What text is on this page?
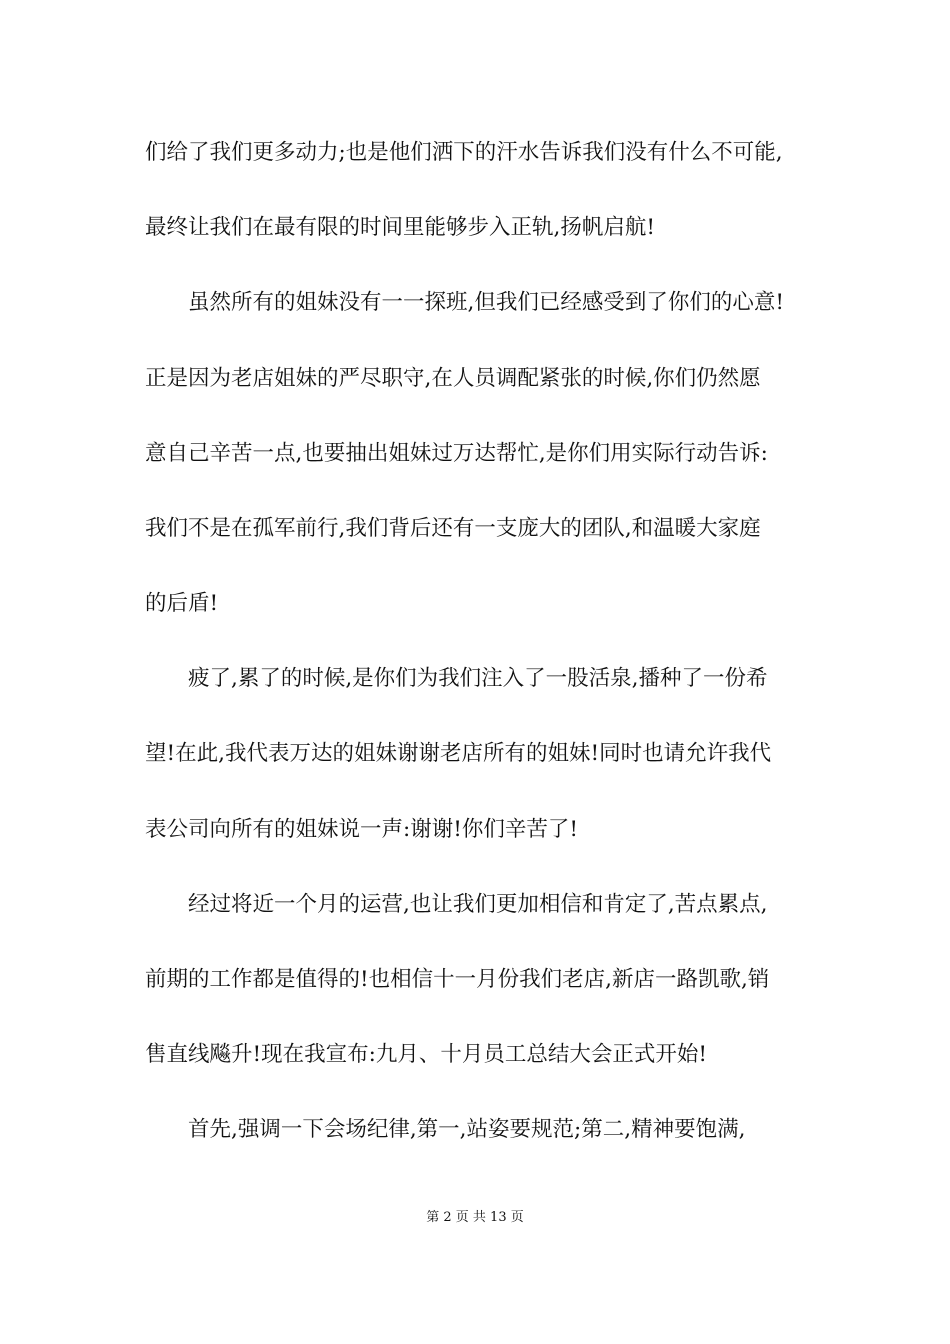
们给了我们更多动力;也是他们洒下的汗水告诉我们没有什么不可能,
最终让我们在最有限的时间里能够步入正轨,扬帆启航!
虽然所有的姐妹没有一一探班,但我们已经感受到了你们的心意!
正是因为老店姐妹的严尽职守,在人员调配紧张的时候,你们仍然愿
意自己辛苦一点,也要抽出姐妹过万达帮忙,是你们用实际行动告诉:
我们不是在孤军前行,我们背后还有一支庞大的团队,和温暖大家庭
的后盾!
疲了,累了的时候,是你们为我们注入了一股活泉,播种了一份希
望!在此,我代表万达的姐妹谢谢老店所有的姐妹!同时也请允许我代
表公司向所有的姐妹说一声:谢谢!你们辛苦了!
经过将近一个月的运营,也让我们更加相信和肯定了,苦点累点,
前期的工作都是值得的!也相信十一月份我们老店,新店一路凯歌,销
售直线飚升!现在我宣布:九月、十月员工总结大会正式开始!
首先,强调一下会场纪律,第一,站姿要规范;第二,精神要饱满,
第 2 页 共 13 页
